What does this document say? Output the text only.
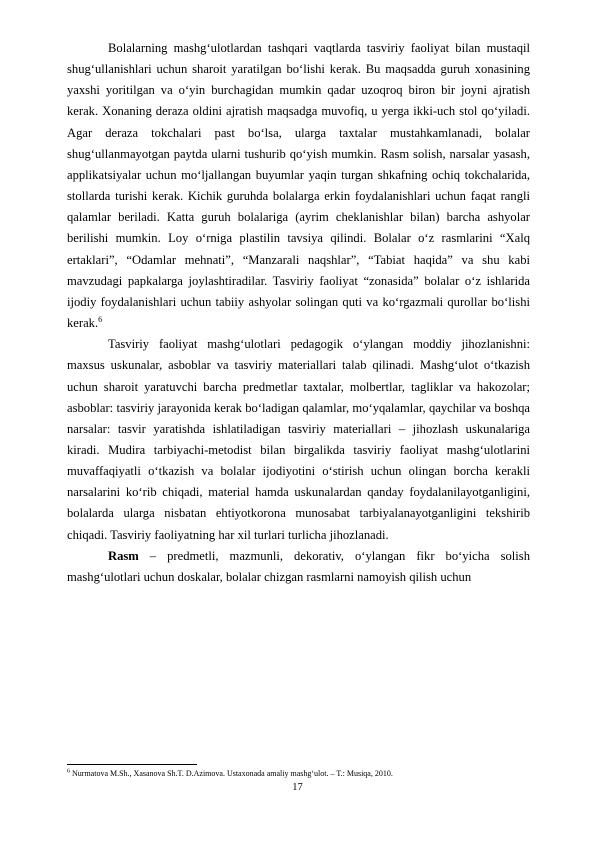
Bolalarning mashg‘ulotlardan tashqari vaqtlarda tasviriy faoliyat bilan mustaqil shug‘ullanishlari uchun sharoit yaratilgan bo‘lishi kerak. Bu maqsadda guruh xonasining yaxshi yoritilgan va o‘yin burchagidan mumkin qadar uzoqroq biron bir joyni ajratish kerak. Xonaning deraza oldini ajratish maqsadga muvofiq, u yerga ikki-uch stol qo‘yiladi. Agar deraza tokchalari past bo‘lsa, ularga taxtalar mustahkamlanadi, bolalar shug‘ullanmayotgan paytda ularni tushurib qo‘yish mumkin. Rasm solish, narsalar yasash, applikatsiyalar uchun mo‘ljallangan buyumlar yaqin turgan shkafning ochiq tokchalarida, stollarda turishi kerak. Kichik guruhda bolalarga erkin foydalanishlari uchun faqat rangli qalamlar beriladi. Katta guruh bolalariga (ayrim cheklanishlar bilan) barcha ashyolar berilishi mumkin. Loy o‘rniga plastilin tavsiya qilindi. Bolalar o‘z rasmlarini “Xalq ertaklari”, “Odamlar mehnati”, “Manzarali naqshlar”, “Tabiat haqida” va shu kabi mavzudagi papkalarga joylashtiradilar. Tasviriy faoliyat “zonasida” bolalar o‘z ishlarida ijodiy foydalanishlari uchun tabiiy ashyolar solingan quti va ko‘rgazmali qurollar bo‘lishi kerak.$^6$

Tasviriy faoliyat mashg‘ulotlari pedagogik o‘ylangan moddiy jihozlanishni: maxsus uskunalar, asboblar va tasviriy materiallari talab qilinadi. Mashg‘ulot o‘tkazish uchun sharoit yaratuvchi barcha predmetlar taxtalar, molbertlar, tagliklar va hakozolar; asboblar: tasviriy jarayonida kerak bo‘ladigan qalamlar, mo‘yqalamlar, qaychilar va boshqa narsalar: tasvir yaratishda ishlatiladigan tasviriy materiallari – jihozlash uskunalariga kiradi. Mudira tarbiyachi-metodist bilan birgalikda tasviriy faoliyat mashg‘ulotlarini muvaffaqiyatli o‘tkazish va bolalar ijodiyotini o‘stirish uchun olingan borcha kerakli narsalarini ko‘rib chiqadi, material hamda uskunalardan qanday foydalanilayotganligini, bolalarda ularga nisbatan ehtiyotkorona munosabat tarbiyalanayotganligini tekshirib chiqadi. Tasviriy faoliyatning har xil turlari turlicha jihozlanadi.

Rasm – predmetli, mazmunli, dekorativ, o‘ylangan fikr bo‘yicha solish mashg‘ulotlari uchun doskalar, bolalar chizgan rasmlarni namoyish qilish uchun

$^6$ Nurmatova M.Sh., Xasanova Sh.T. D.Azimova. Ustaxonada amaliy mashg‘ulot. – T.: Musiqa, 2010.
17
